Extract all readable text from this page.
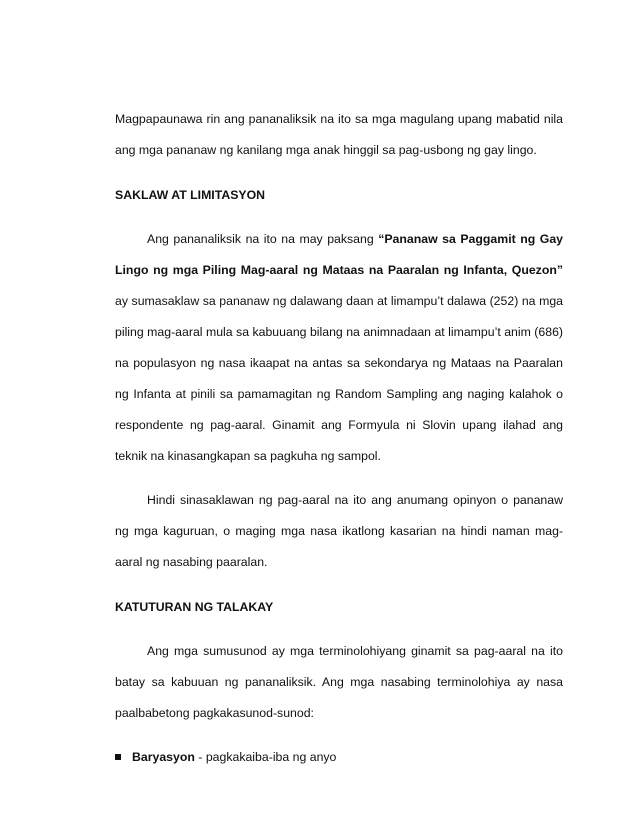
Magpapaunawa rin ang pananaliksik na ito sa mga magulang upang mabatid nila ang mga pananaw ng kanilang mga anak hinggil sa pag-usbong ng gay lingo.

SAKLAW AT LIMITASYON

Ang pananaliksik na ito na may paksang “Pananaw sa Paggamit ng Gay Lingo ng mga Piling Mag-aaral ng Mataas na Paaralan ng Infanta, Quezon” ay sumasaklaw sa pananaw ng dalawang daan at limampu’t dalawa (252) na mga piling mag-aaral mula sa kabuuang bilang na animnadaan at limampu’t anim (686) na populasyon ng nasa ikaapat na antas sa sekondarya ng Mataas na Paaralan ng Infanta at pinili sa pamamagitan ng Random Sampling ang naging kalahok o respondente ng pag-aaral. Ginamit ang Formyula ni Slovin upang ilahad ang teknik na kinasangkapan sa pagkuha ng sampol.

Hindi sinasaklawan ng pag-aaral na ito ang anumang opinyon o pananaw ng mga kaguruan, o maging mga nasa ikatlong kasarian na hindi naman mag-aaral ng nasabing paaralan.

KATUTURAN NG TALAKAY

Ang mga sumusunod ay mga terminolohiyang ginamit sa pag-aaral na ito batay sa kabuuan ng pananaliksik. Ang mga nasabing terminolohiya ay nasa paalbabetong pagkakasunod-sunod:

Baryasyon - pagkakaiba-iba ng anyo
